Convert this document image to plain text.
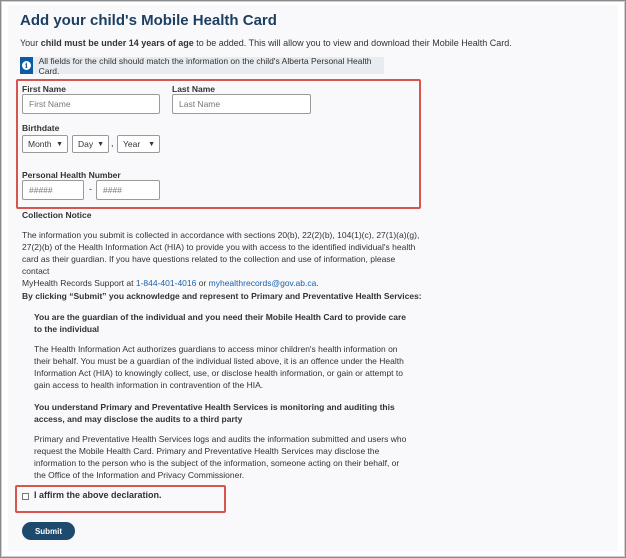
Add your child's Mobile Health Card
Your child must be under 14 years of age to be added. This will allow you to view and download their Mobile Health Card.
i	All fields for the child should match the information on the child's Alberta Personal Health Card.
First Name
First Name	Last Name
Last Name
Birthdate
Month ▼ Day ▼ , Year ▼
Personal Health Number
#####
-
####
Collection Notice
The information you submit is collected in accordance with sections 20(b), 22(2)(b), 104(1)(c), 27(1)(a)(g),
27(2)(b) of the Health Information Act (HIA) to provide you with access to the identified individual's health
card as their guardian. If you have questions related to the collection and use of information, please contact
MyHealth Records Support at 1-844-401-4016 or myhealthrecords@gov.ab.ca.
By clicking “Submit” you acknowledge and represent to Primary and Preventative Health Services:
You are the guardian of the individual and you need their Mobile Health Card to provide care
to the individual
The Health Information Act authorizes guardians to access minor children's health information on
their behalf. You must be a guardian of the individual listed above, it is an offence under the Health
Information Act (HIA) to knowingly collect, use, or disclose health information, or gain or attempt to
gain access to health information in contravention of the HIA.
You understand Primary and Preventative Health Services is monitoring and auditing this
access, and may disclose the audits to a third party
Primary and Preventative Health Services logs and audits the information submitted and users who
request the Mobile Health Card. Primary and Preventative Health Services may disclose the
information to the person who is the subject of the information, someone acting on their behalf, or
the Office of the Information and Privacy Commissioner.
I affirm the above declaration.
Submit
